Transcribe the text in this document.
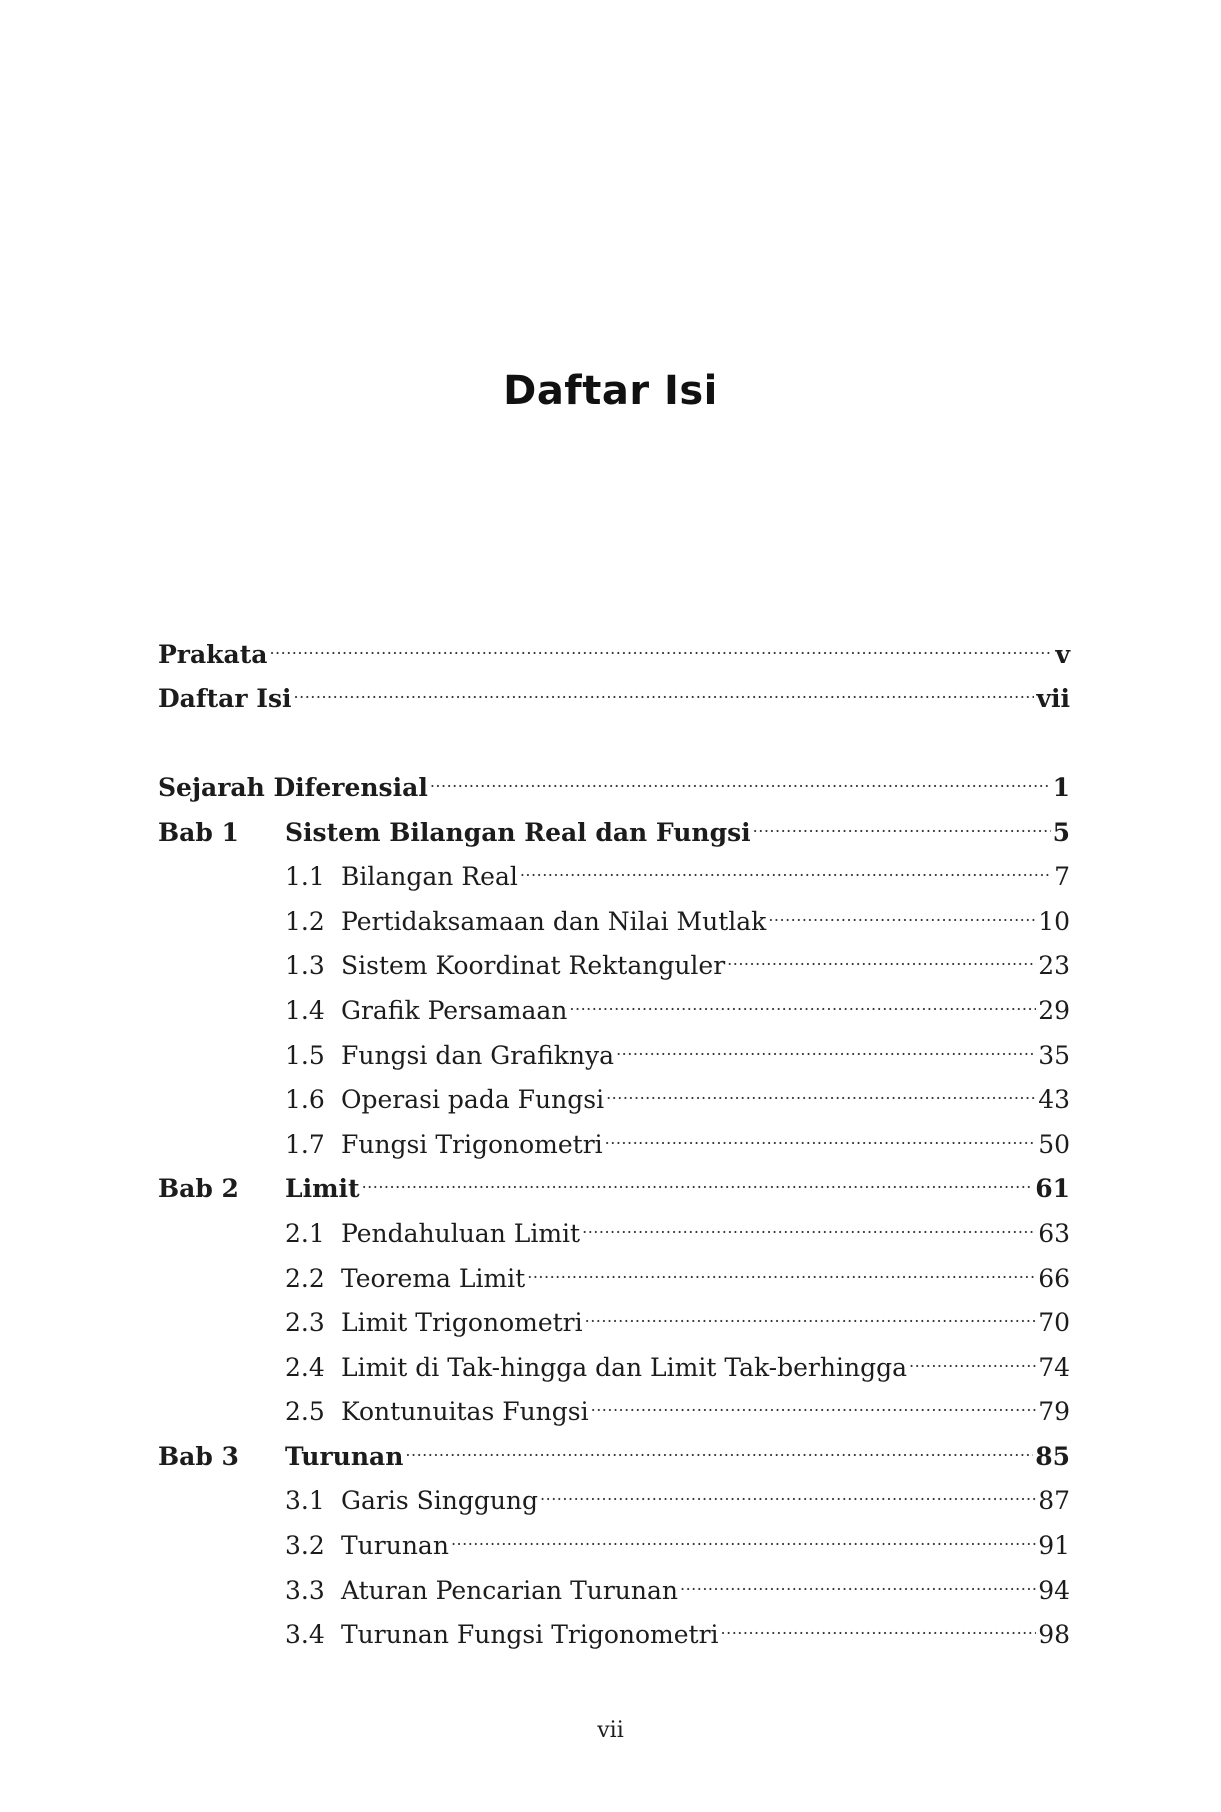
Daftar Isi
Prakata .....	v
Daftar Isi .....	vii
Sejarah Diferensial .....	1
Bab 1 Sistem Bilangan Real dan Fungsi .....	5
1.1 Bilangan Real .....	7
1.2 Pertidaksamaan dan Nilai Mutlak .....	10
1.3 Sistem Koordinat Rektanguler .....	23
1.4 Grafik Persamaan .....	29
1.5 Fungsi dan Grafiknya .....	35
1.6 Operasi pada Fungsi .....	43
1.7 Fungsi Trigonometri .....	50
Bab 2 Limit .....	61
2.1 Pendahuluan Limit .....	63
2.2 Teorema Limit .....	66
2.3 Limit Trigonometri .....	70
2.4 Limit di Tak-hingga dan Limit Tak-berhingga .....	74
2.5 Kontunuitas Fungsi .....	79
Bab 3 Turunan .....	85
3.1 Garis Singgung .....	87
3.2 Turunan .....	91
3.3 Aturan Pencarian Turunan .....	94
3.4 Turunan Fungsi Trigonometri .....	98
vii
